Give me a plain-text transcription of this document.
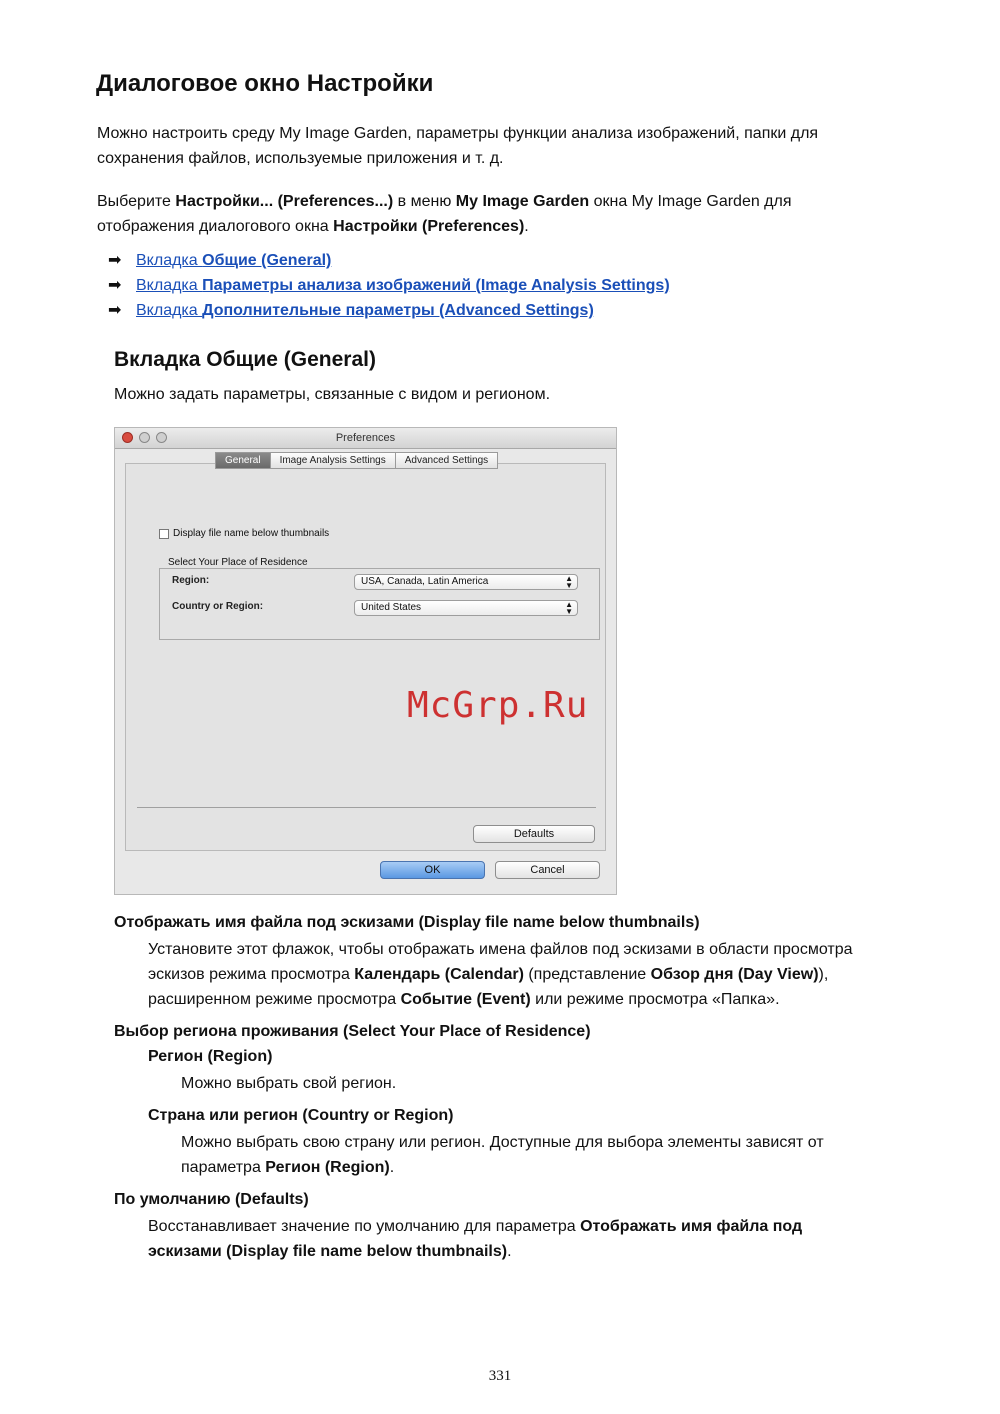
Диалоговое окно Настройки

Можно настроить среду My Image Garden, параметры функции анализа изображений, папки для
сохранения файлов, используемые приложения и т. д.

Выберите Настройки... (Preferences...) в меню My Image Garden окна My Image Garden для
отображения диалогового окна Настройки (Preferences).

➡ Вкладка Общие (General)
➡ Вкладка Параметры анализа изображений (Image Analysis Settings)
➡ Вкладка Дополнительные параметры (Advanced Settings)
Вкладка Общие (General)

Можно задать параметры, связанные с видом и регионом.

Preferences
Display file name below thumbnails
Select Your Place of Residence
Region:	USA, Canada, Latin America	▲
▼
Country or Region:	United States	▲
▼
Defaults
General	Image Analysis Settings	Advanced Settings
OK	Cancel
McGrp.Ru

Отображать имя файла под эскизами (Display file name below thumbnails)

Установите этот флажок, чтобы отображать имена файлов под эскизами в области просмотра
эскизов режима просмотра Календарь (Calendar) (представление Обзор дня (Day View)),
расширенном режиме просмотра Событие (Event) или режиме просмотра «Папка».

Выбор региона проживания (Select Your Place of Residence)

Регион (Region)

Можно выбрать свой регион.

Страна или регион (Country or Region)

Можно выбрать свою страну или регион. Доступные для выбора элементы зависят от
параметра Регион (Region).

По умолчанию (Defaults)

Восстанавливает значение по умолчанию для параметра Отображать имя файла под
эскизами (Display file name below thumbnails).

331
